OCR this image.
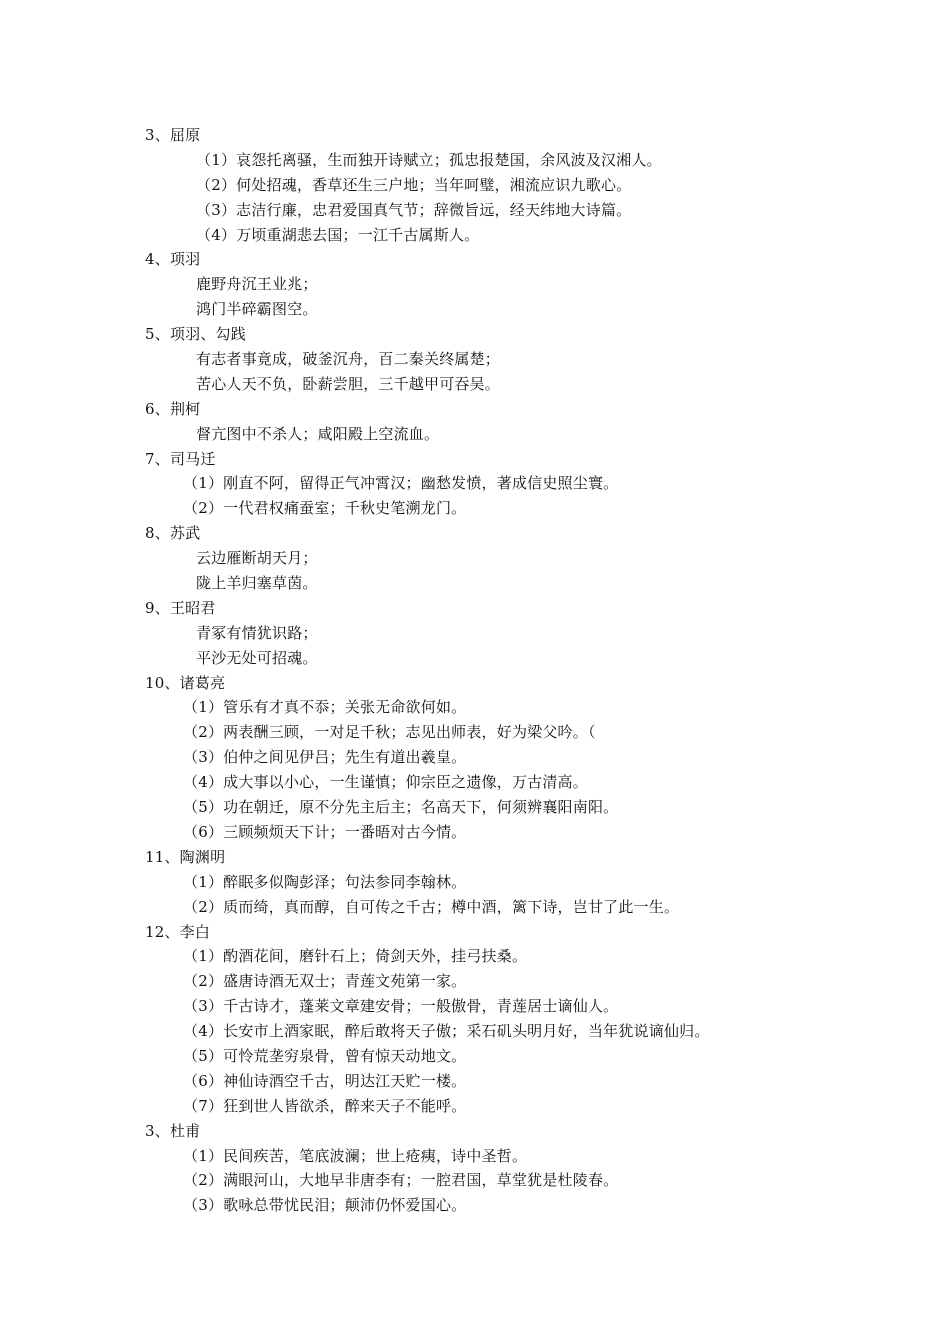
3、屈原
（1）哀怨托离骚，生而独开诗赋立；孤忠报楚国，余风波及汉湘人。
（2）何处招魂，香草还生三户地；当年呵璧，湘流应识九歌心。
（3）志洁行廉，忠君爱国真气节；辞微旨远，经天纬地大诗篇。
（4）万顷重湖悲去国；一江千古属斯人。
4、项羽
鹿野舟沉王业兆；
鸿门半碎霸图空。
5、项羽、勾践
有志者事竟成，破釜沉舟，百二秦关终属楚；
苦心人天不负，卧薪尝胆，三千越甲可吞吴。
6、荆柯
督亢图中不杀人；咸阳殿上空流血。
7、司马迁
（1）刚直不阿，留得正气冲霄汉；幽愁发愤，著成信史照尘寰。
（2）一代君权痛蚕室；千秋史笔溯龙门。
8、苏武
云边雁断胡天月；
陇上羊归塞草茵。
9、王昭君
青冢有情犹识路；
平沙无处可招魂。
10、诸葛亮
（1）管乐有才真不忝；关张无命欲何如。
（2）两表酬三顾，一对足千秋；志见出师表，好为梁父吟。（
（3）伯仲之间见伊吕；先生有道出羲皇。
（4）成大事以小心，一生谨慎；仰宗臣之遗像，万古清高。
（5）功在朝迁，原不分先主后主；名高天下，何须辨襄阳南阳。
（6）三顾频烦天下计；一番晤对古今情。
11、陶渊明
（1）醉眠多似陶彭泽；句法参同李翰林。
（2）质而绮，真而醇，自可传之千古；樽中酒，篱下诗，岂甘了此一生。
12、李白
（1）酌酒花间，磨针石上；倚剑天外，挂弓扶桑。
（2）盛唐诗酒无双士；青莲文苑第一家。
（3）千古诗才，蓬莱文章建安骨；一般傲骨，青莲居士谪仙人。
（4）长安市上酒家眠，醉后敢将天子傲；采石矶头明月好，当年犹说谪仙归。
（5）可怜荒垄穷泉骨，曾有惊天动地文。
（6）神仙诗酒空千古，明达江天贮一楼。
（7）狂到世人皆欲杀，醉来天子不能呼。
3、杜甫
（1）民间疾苦，笔底波澜；世上疮痍，诗中圣哲。
（2）满眼河山，大地早非唐李有；一腔君国，草堂犹是杜陵春。
（3）歌咏总带忧民泪；颠沛仍怀爱国心。
